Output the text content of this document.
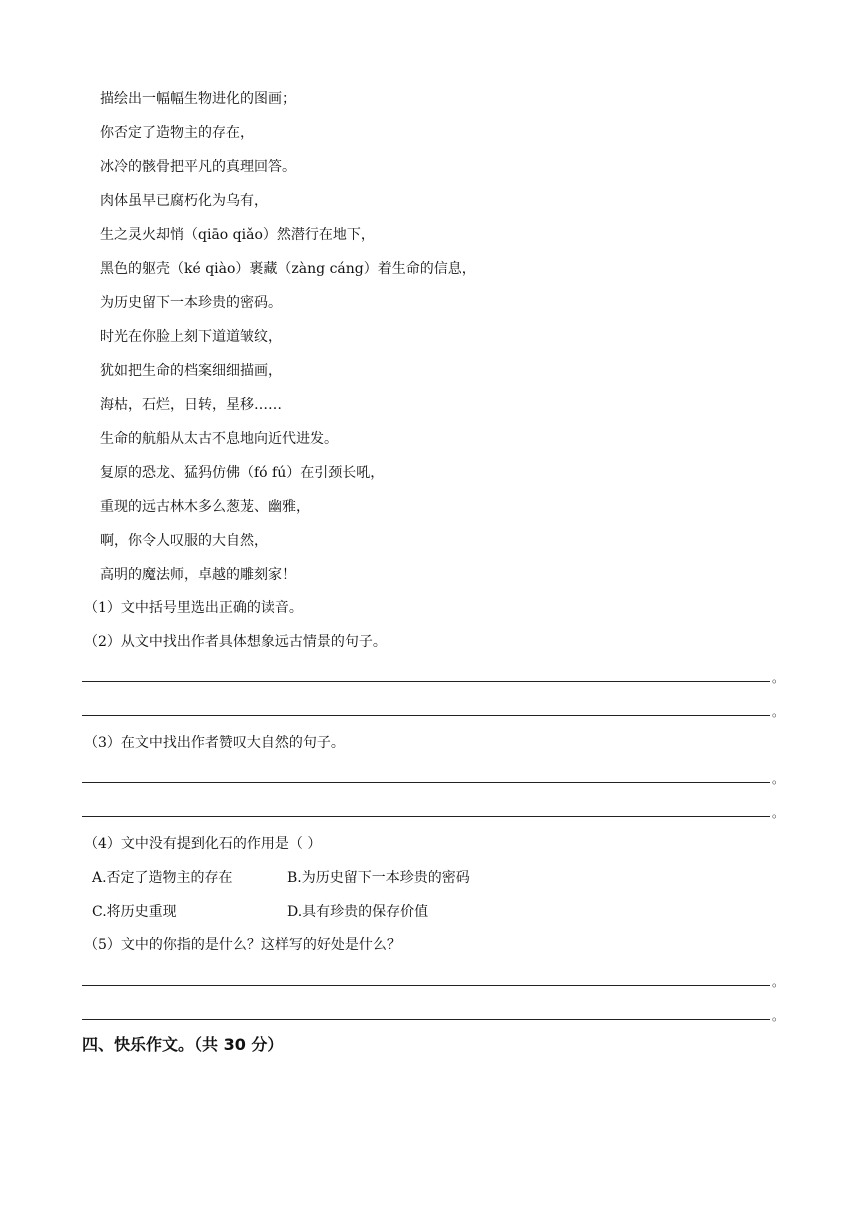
描绘出一幅幅生物进化的图画；
你否定了造物主的存在，
冰冷的骸骨把平凡的真理回答。
肉体虽早已腐朽化为乌有，
生之灵火却悄（qiāo qiǎo）然潜行在地下，
黑色的躯壳（ké qiào）裹藏（zàng cáng）着生命的信息，
为历史留下一本珍贵的密码。
时光在你脸上刻下道道皱纹，
犹如把生命的档案细细描画，
海枯，石烂，日转，星移……
生命的航船从太古不息地向近代进发。
复原的恐龙、猛犸仿佛（fó fú）在引颈长吼，
重现的远古林木多么葱茏、幽雅，
啊，你令人叹服的大自然，
高明的魔法师，卓越的雕刻家！
（1）文中括号里选出正确的读音。
（2）从文中找出作者具体想象远古情景的句子。
。
。
（3）在文中找出作者赞叹大自然的句子。
。
。
（4）文中没有提到化石的作用是（ ）
A.否定了造物主的存在	B.为历史留下一本珍贵的密码
C.将历史重现	D.具有珍贵的保存价值
（5）文中的你指的是什么？这样写的好处是什么？
。
。
四、快乐作文。（共 30 分）
